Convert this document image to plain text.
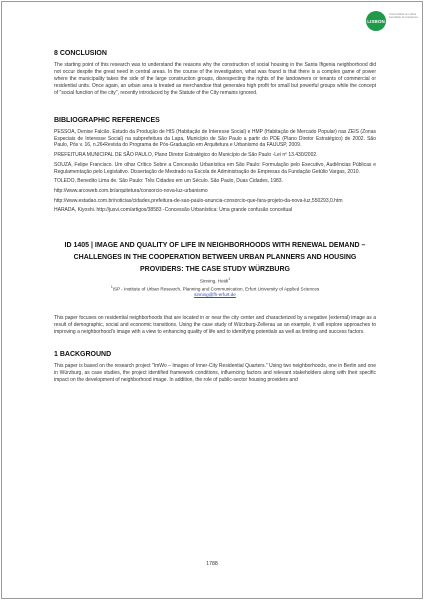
LISBON
Universidade de Lisboa Faculdade de Arquitetura
8 CONCLUSION

The starting point of this research was to understand the reasons why the construction of social housing in the Santa Ifigenia neighborhood did not occur despite the great need in central areas. In the course of the investigation, what was found is that there is a complex game of power where the municipality takes the side of the large construction groups, disrespecting the rights of the landowners or tenants of commercial or residential units. Once again, an urban area is treated as merchandise that generates high profit for small but powerful groups while the concept of "social function of the city", recently introduced by the Statute of the City remains ignored.

BIBLIOGRAPHIC REFERENCES

PESSOA, Denise Falcão. Estudo da Produção de HIS (Habitação de Interesse Social) e HMP (Habitação de Mercado Popular) nas ZEIS (Zonas Especiais de Interesse Social) na subprefeitura da Lapa, Município de São Paulo a partir do PDE (Plano Diretor Estratégico) de 2002. São Paulo, Pós v. 16, n.26•Revista do Programa de Pós-Graduação em Arquitetura e Urbanismo da FAUUSP, 2009.

PREFEITURA MUNICIPAL DE SÃO PAULO, Plano Diretor Estratégico do Município de São Paulo -Lei nº 13.430/2002.

SOUZA, Felipe Francisco. Um olhar Crítico Sobre a Concessão Urbanística em São Paulo: Formulação pelo Executivo, Audiências Públicas e Regulamentação pelo Legislativo. Dissertação de Mestrado na Escola de Administração de Empresas da Fundação Getúlio Vargas, 2010.

TOLEDO, Benedito Lima de. São Paulo: Três Cidades em um Século. São Paulo, Duas Cidades, 1983.

http://www.arcoweb.com.br/arquitetura/consorcio-nova-luz-urbanismo

http://www.estadao.com.br/noticias/cidades,prefeitura-de-sao-paulo-anuncia-consorcio-que-fara-projeto-da-nova-luz,550293,0.htm

HARADA, Kiyoshi. http://jusvi.com/artigos/38583 -Concessão Urbanística: Uma grande confusão conceitual

ID 1405 | IMAGE AND QUALITY OF LIFE IN NEIGHBORHOODS WITH RENEWAL DEMAND – CHALLENGES IN THE COOPERATION BETWEEN URBAN PLANNERS AND HOUSING PROVIDERS: THE CASE STUDY WÜRZBURG
Sinning, Heidi$^1$
$^1$ISP - Institute of Urban Research, Planning and Communication, Erfurt University of Applied Sciences
sinning@fh-erfurt.de

This paper focuses on residential neighborhoods that are located in or near the city center and characterized by a negative (external) image as a result of demographic, social and economic transitions. Using the case study of Würzburg-Zellerau as an example, it will explore approaches to improving a neighborhood's image with a view to enhancing quality of life and to identifying potentials as well as limiting and success factors.

1 BACKGROUND

This paper is based on the research project "ImWo – Images of Inner-City Residential Quarters." Using two neighborhoods, one in Berlin and one in Würzburg, as case studies, the project identified framework conditions, influencing factors and relevant stakeholders along with their specific impact on the development of neighborhood image. In addition, the role of public-sector housing providers and

1788
